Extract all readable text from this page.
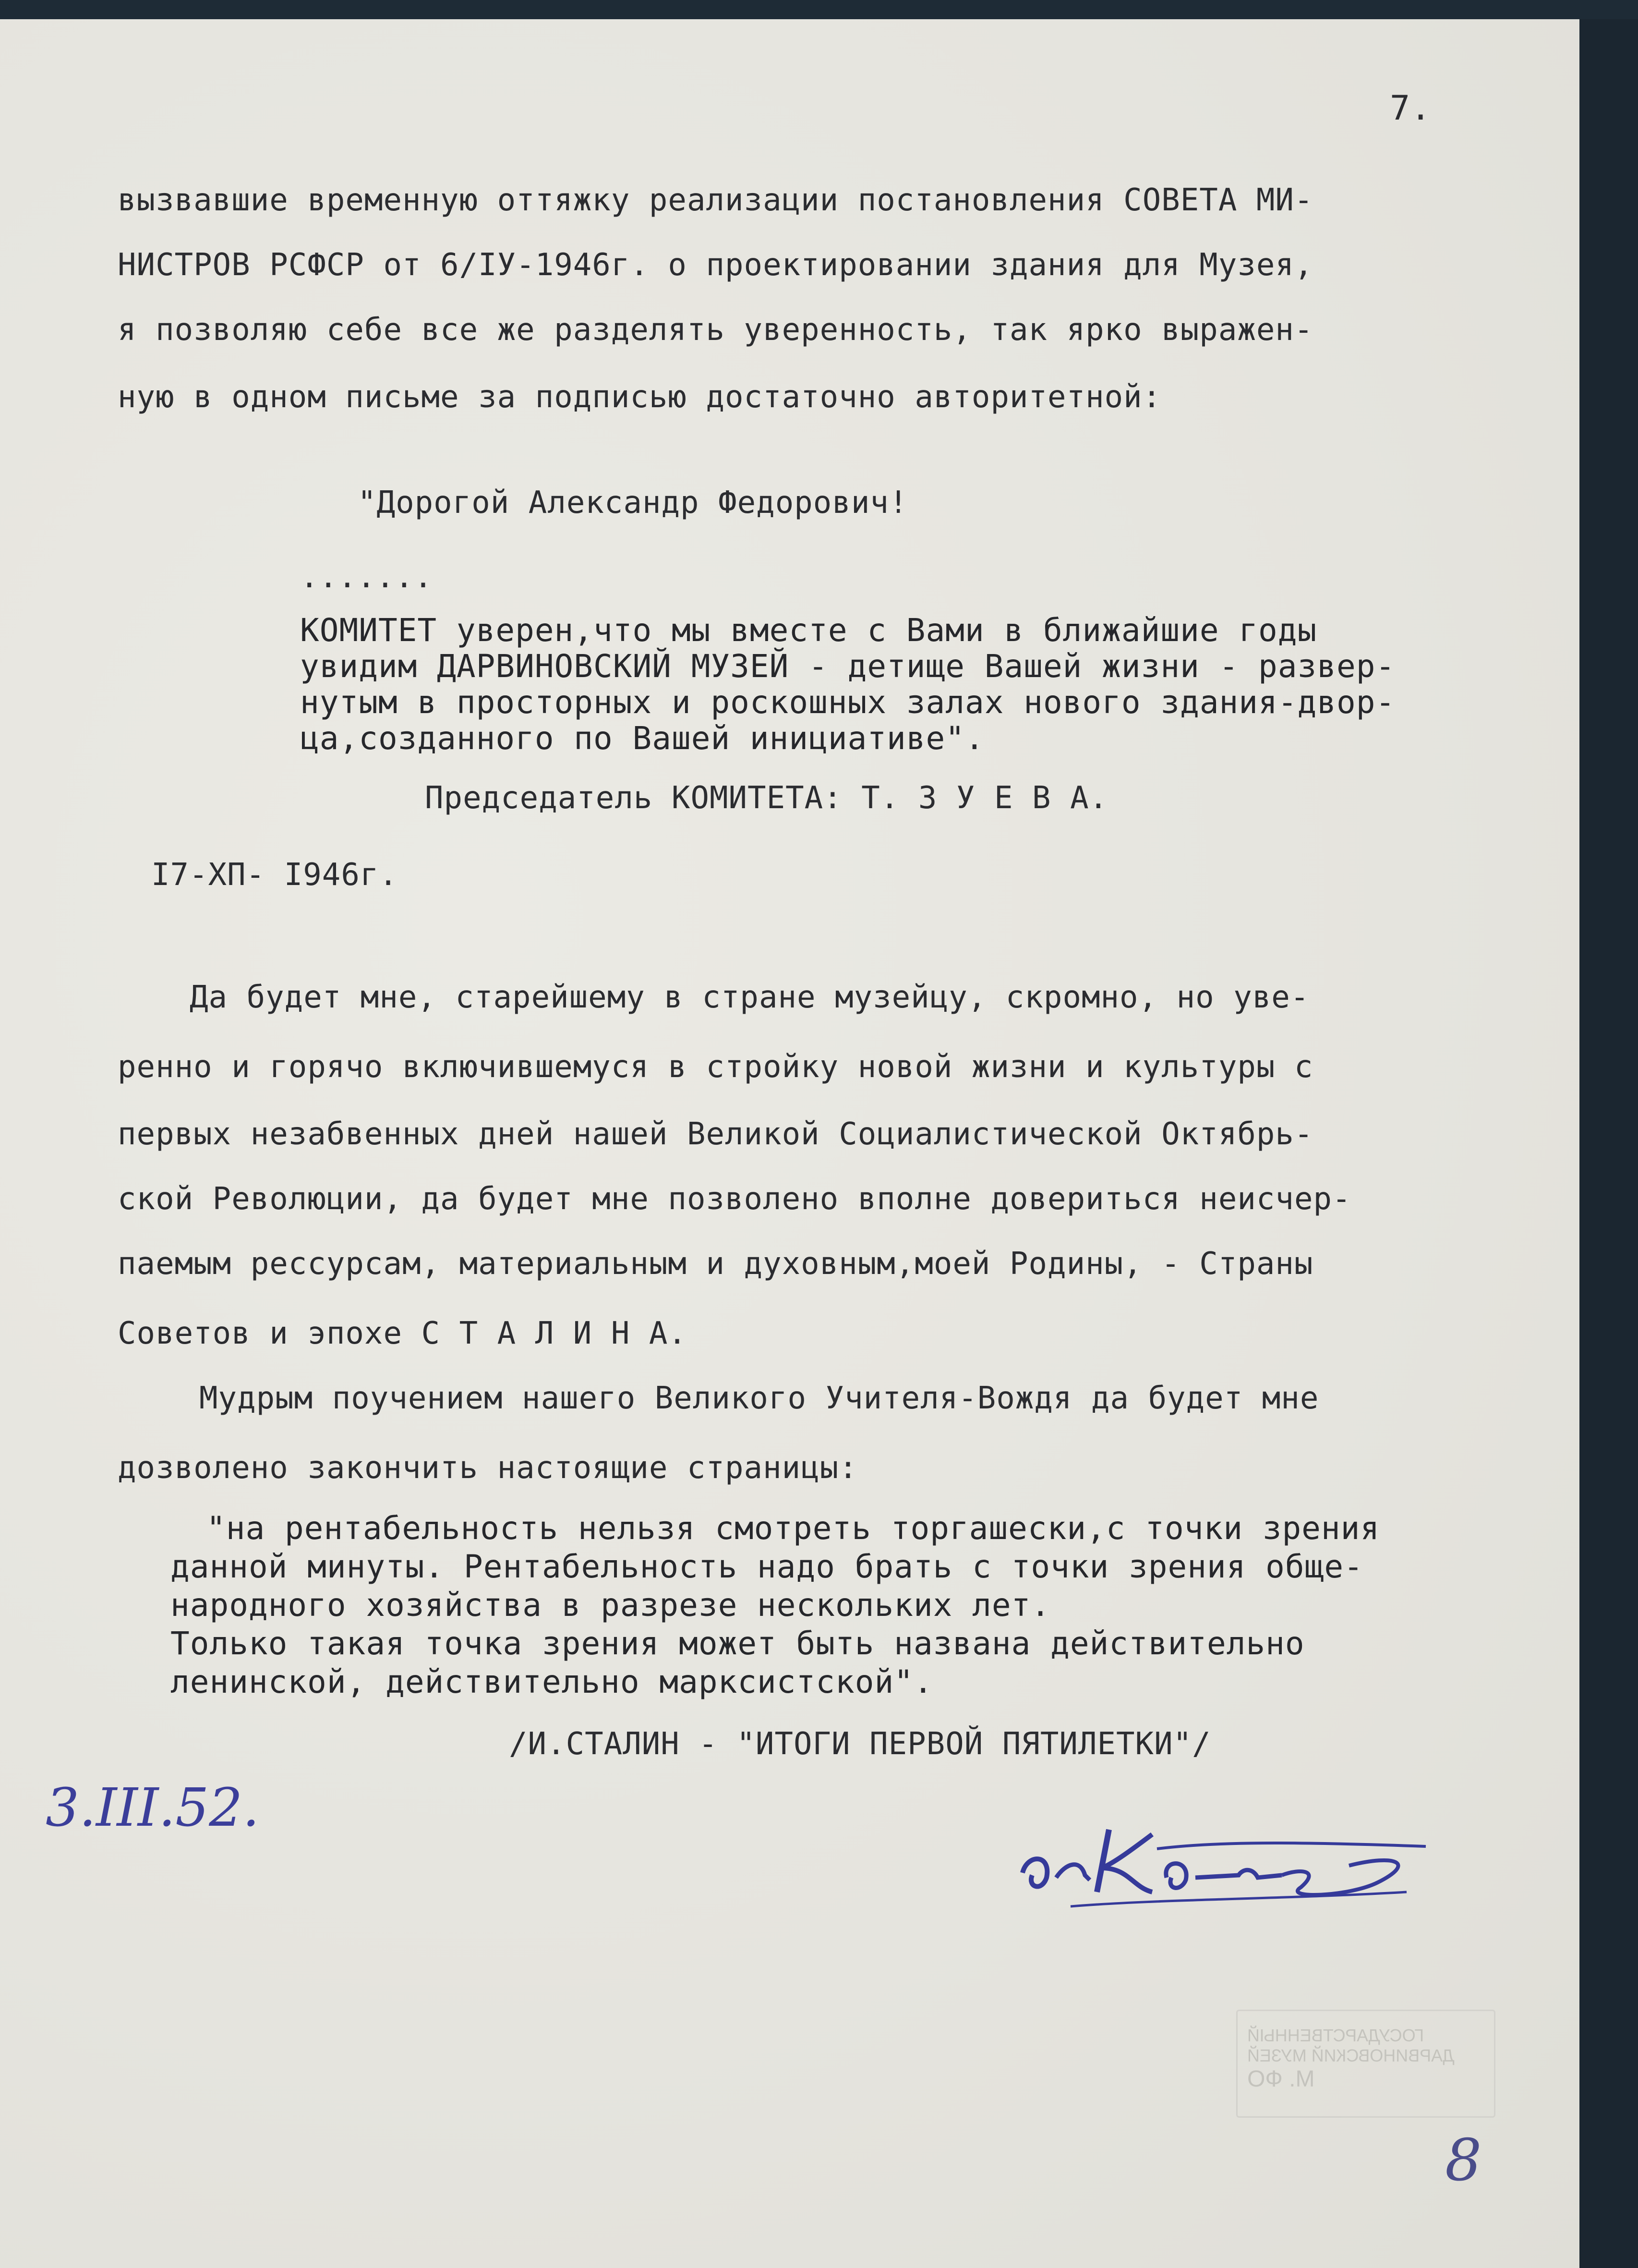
7.
вызвавшие временную оттяжку реализации постановления СОВЕТА МИ-
НИСТРОВ РСФСР от 6/IУ-1946г. о проектировании здания для Музея,
я позволяю себе все же разделять уверенность, так ярко выражен-
ную в одном письме за подписью достаточно авторитетной:
"Дорогой Александр Федорович!
.......
КОМИТЕТ уверен,что мы вместе с Вами в ближайшие годы
увидим ДАРВИНОВСКИЙ МУЗЕЙ - детище Вашей жизни - развер-
нутым в просторных и роскошных залах нового здания-двор-
ца,созданного по Вашей инициативе".
Председатель КОМИТЕТА: Т. З У Е В А.
I7-ХП- I946г.
Да будет мне, старейшему в стране музейцу, скромно, но уве-
ренно и горячо включившемуся в стройку новой жизни и культуры с
первых незабвенных дней нашей Великой Социалистической Октябрь-
ской Революции, да будет мне позволено вполне довериться неисчер-
паемым рессурсам, материальным и духовным,моей Родины, - Страны
Советов и эпохе С Т А Л И Н А.
Мудрым поучением нашего Великого Учителя-Вождя да будет мне
дозволено закончить настоящие страницы:
"на рентабельность нельзя смотреть торгашески,с точки зрения
данной минуты. Рентабельность надо брать с точки зрения обще-
народного хозяйства в разрезе нескольких лет.
Только такая точка зрения может быть названа действительно
ленинской, действительно марксистской".
/И.СТАЛИН - "ИТОГИ ПЕРВОЙ ПЯТИЛЕТКИ"/
3.III.52.
ГОСУДАРСТВЕННЫЙ
ДАРВИНОВСКИЙ МУЗЕЙ
М. ФО
8
